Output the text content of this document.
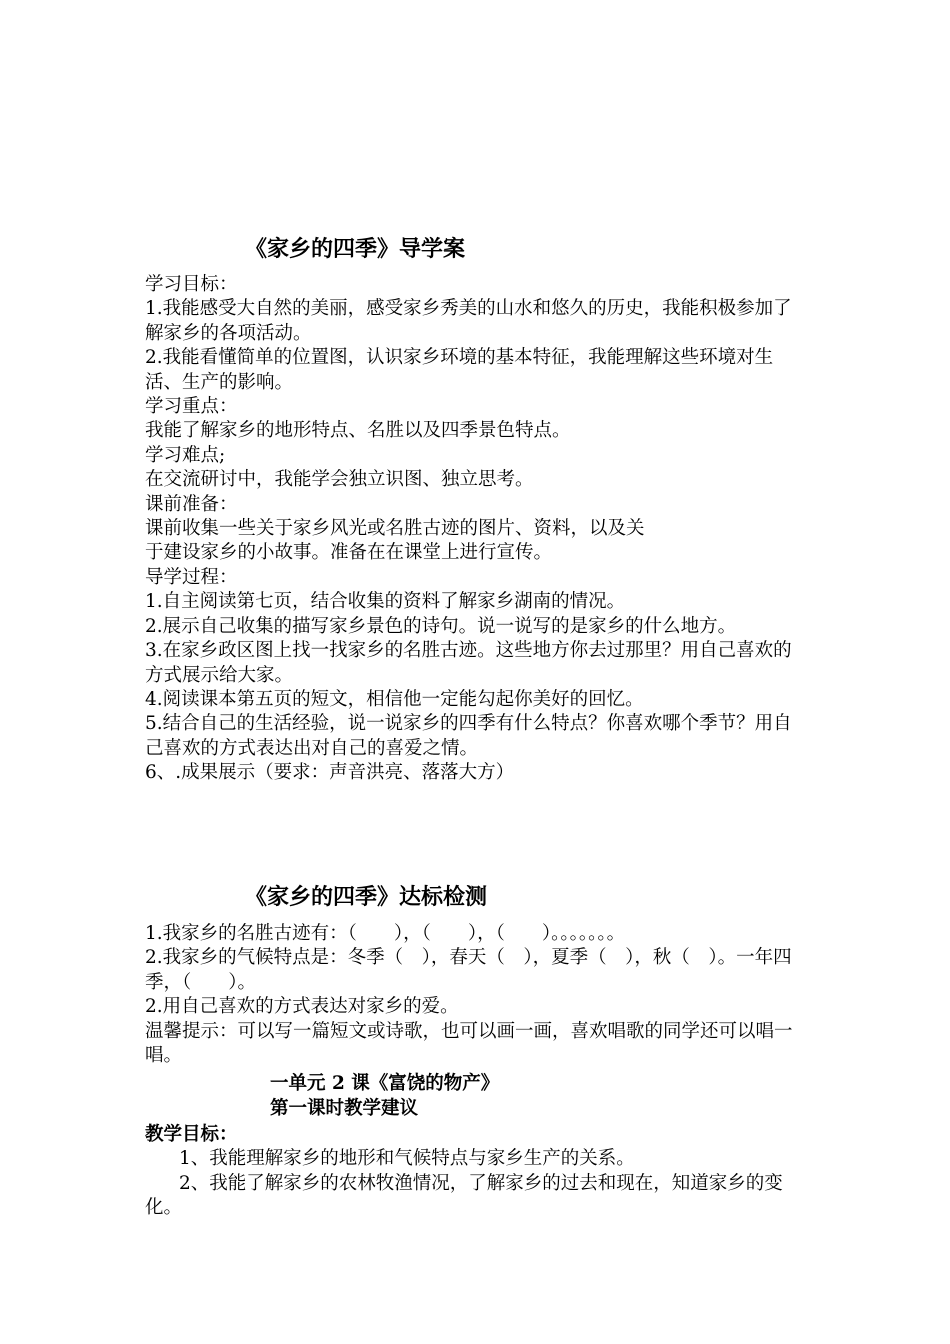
《家乡的四季》导学案

学习目标：

1.我能感受大自然的美丽，感受家乡秀美的山水和悠久的历史，我能积极参加了解家乡的各项活动。

2.我能看懂简单的位置图，认识家乡环境的基本特征，我能理解这些环境对生活、生产的影响。

学习重点：

我能了解家乡的地形特点、名胜以及四季景色特点。

学习难点;

在交流研讨中，我能学会独立识图、独立思考。

课前准备：

课前收集一些关于家乡风光或名胜古迹的图片、资料，以及关

于建设家乡的小故事。准备在在课堂上进行宣传。

导学过程：

1.自主阅读第七页，结合收集的资料了解家乡湖南的情况。

2.展示自己收集的描写家乡景色的诗句。说一说写的是家乡的什么地方。

3.在家乡政区图上找一找家乡的名胜古迹。这些地方你去过那里？用自己喜欢的方式展示给大家。

4.阅读课本第五页的短文，相信他一定能勾起你美好的回忆。

5.结合自己的生活经验，说一说家乡的四季有什么特点？你喜欢哪个季节？用自己喜欢的方式表达出对自己的喜爱之情。

6、.成果展示（要求：声音洪亮、落落大方）

《家乡的四季》达标检测

1.我家乡的名胜古迹有：（　　），（　　），（　　）。。。。。。。

2.我家乡的气候特点是：冬季（　），春天（　），夏季（　），秋（　）。一年四季，（　　）。

2.用自己喜欢的方式表达对家乡的爱。

温馨提示：可以写一篇短文或诗歌，也可以画一画，喜欢唱歌的同学还可以唱一唱。

一单元 2 课《富饶的物产》
第一课时教学建议

教学目标：

1、我能理解家乡的地形和气候特点与家乡生产的关系。

2、我能了解家乡的农林牧渔情况，了解家乡的过去和现在，知道家乡的变化。
